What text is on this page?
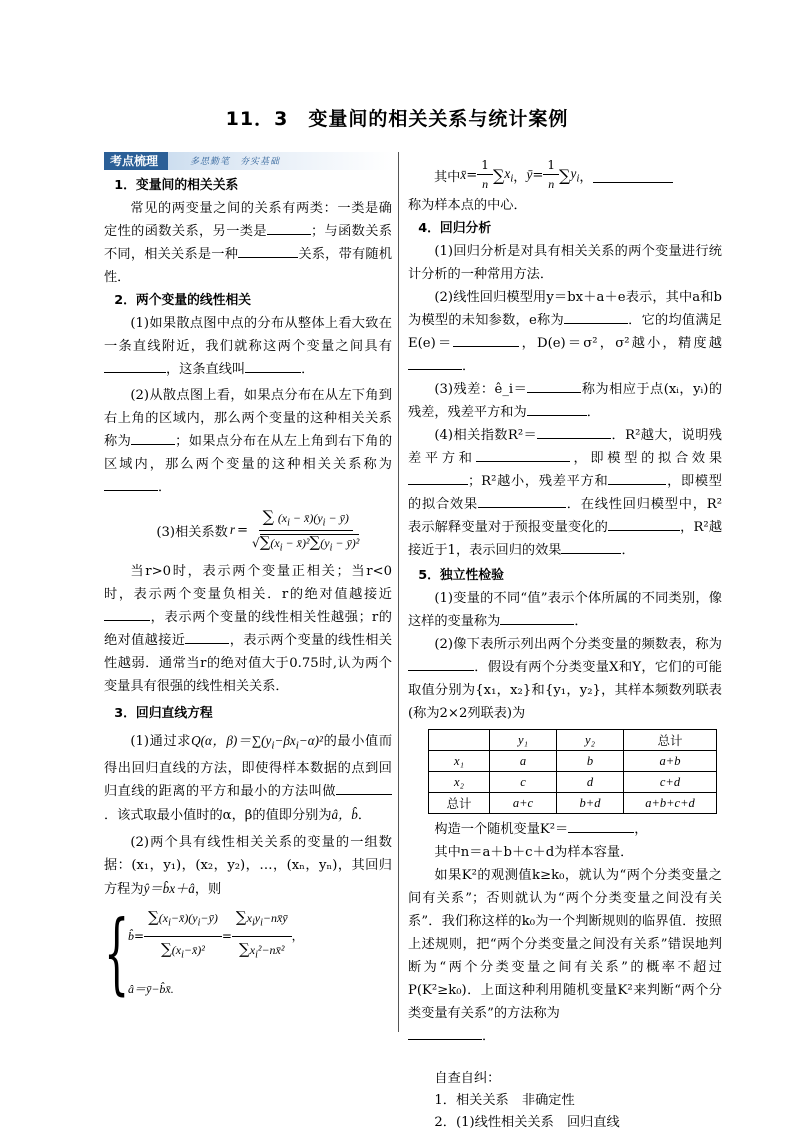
11．3　变量间的相关关系与统计案例
考点梳理	多思勤笔　夯实基础

1．变量间的相关关系

常见的两变量之间的关系有两类：一类是确定性的函数关系，另一类是	；与函数关系不同，相关关系是一种	关系，带有随机性．

2．两个变量的线性相关

(1)如果散点图中点的分布从整体上看大致在一条直线附近，我们就称这两个变量之间具有，这条直线叫	．

(2)从散点图上看，如果点分布在从左下角到右上角的区域内，那么两个变量的这种相关关系称为	；如果点分布在从左上角到右下角的区域内，那么两个变量的这种相关关系称为．

(3)相关系数 $r = \frac{\sum (x_i - x̄)(y_i - ȳ)}{√\sum(x_i - x̄)^2\sum(y_i - ȳ)^2}$

当r>0时，表示两个变量正相关；当r<0时，表示两个变量负相关．r的绝对值越接近，表示两个变量的线性相关性越强；r的绝对值越接近	，表示两个变量的线性相关性越弱．通常当r的绝对值大于0.75时,认为两个变量具有很强的线性相关关系．

3．回归直线方程

(1)通过求Q(α，$\beta)=\sum(y_i-\beta x_i-\alpha)^2$的最小值而得出回归直线的方法，即使得样本数据的点到回归直线的距离的平方和最小的方法叫做．该式取最小值时的α，β的值即分别为â，b̂．

(2)两个具有线性相关关系的变量的一组数据：(x₁，y₁)，(x₂，y₂)，…，(xₙ，yₙ)，其回归方程为ŷ＝b̂x＋â，则

{
b̂ = $\frac{\sum(x_i-x̄)(y_i-ȳ)}{\sum(x_i-x̄)^2} = \frac{\sum x_iy_i-nx̄ȳ}{\sum x_i^2-nx̄^2}$ ，
â＝ȳ−b̂x̄.
其中 x̄ = $\frac{1}{n}$ ∑ $x_i$ ， ȳ = $\frac{1}{n}$ ∑ $y_i$ ，

称为样本点的中心．

4．回归分析

(1)回归分析是对具有相关关系的两个变量进行统计分析的一种常用方法．

(2)线性回归模型用y＝bx＋a＋e表示，其中a和b为模型的未知参数，e称为	．它的均值满足E(e)＝	，D(e)＝σ²，σ²越小，精度越．

(3)残差：ê_i＝	称为相应于点(xᵢ，yᵢ)的残差，残差平方和为	．

(4)相关指数R²＝	．R²越大，说明残差平方和	，即模型的拟合效果；R²越小，残差平方和	，即模型的拟合效果	．在线性回归模型中，R²表示解释变量对于预报变量变化的	，R²越接近于1，表示回归的效果	．

5．独立性检验

(1)变量的不同“值”表示个体所属的不同类别，像这样的变量称为	．

(2)像下表所示列出两个分类变量的频数表，称为．假设有两个分类变量X和Y，它们的可能取值分别为{x₁，x₂}和{y₁，y₂}，其样本频数列联表(称为2×2列联表)为

	y₁	y₂	总计
x₁	a	b	a+b
x₂	c	d	c+d
总计	a+c	b+d	a+b+c+d

构造一个随机变量K²＝	，

其中n＝a＋b＋c＋d为样本容量．

如果K²的观测值k≥k₀，就认为“两个分类变量之间有关系”；否则就认为“两个分类变量之间没有关系”．我们称这样的k₀为一个判断规则的临界值．按照上述规则，把“两个分类变量之间没有关系”错误地判断为“两个分类变量之间有关系”的概率不超过P(K²≥k₀)．上面这种利用随机变量K²来判断“两个分类变量有关系”的方法称为
．

自查自纠：

1．相关关系　非确定性

2．(1)线性相关关系　回归直线
